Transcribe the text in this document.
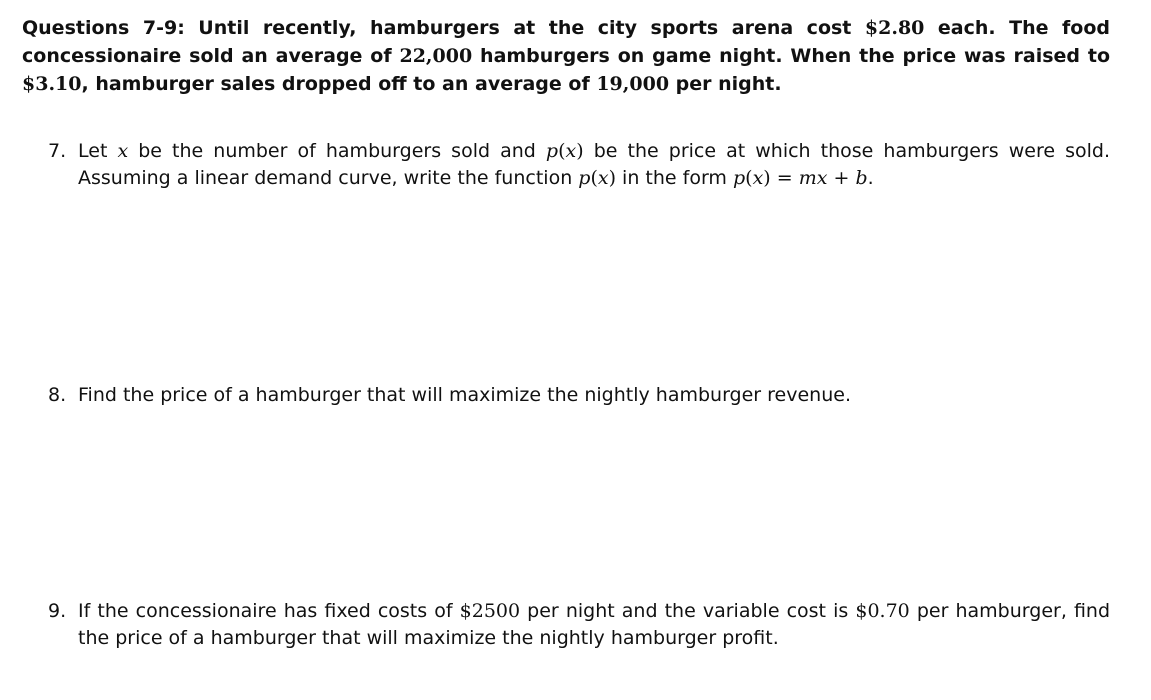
Questions 7-9: Until recently, hamburgers at the city sports arena cost $2.80 each. The food concessionaire sold an average of 22,000 hamburgers on game night. When the price was raised to $3.10, hamburger sales dropped off to an average of 19,000 per night.
7. Let x be the number of hamburgers sold and p(x) be the price at which those hamburgers were sold. Assuming a linear demand curve, write the function p(x) in the form p(x) = mx + b.
8. Find the price of a hamburger that will maximize the nightly hamburger revenue.
9. If the concessionaire has fixed costs of $2500 per night and the variable cost is $0.70 per hamburger, find the price of a hamburger that will maximize the nightly hamburger profit.
